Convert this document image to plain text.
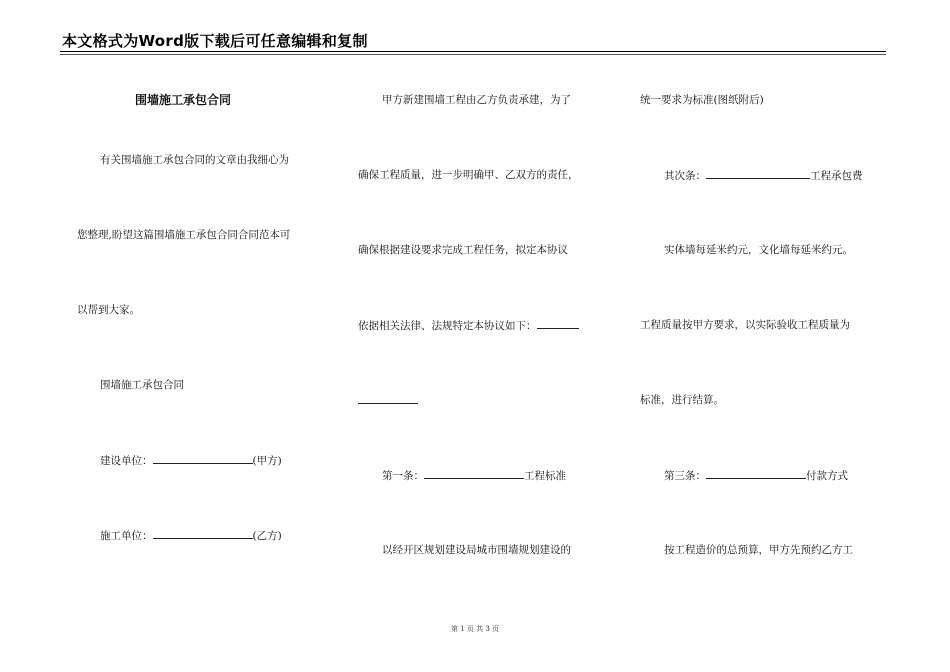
本文格式为Word版下载后可任意编辑和复制
围墙施工承包合同
有关围墙施工承包合同的文章由我细心为
您整理,盼望这篇围墙施工承包合同合同范本可
以帮到大家。
围墙施工承包合同
建设单位：	(甲方)
施工单位：	(乙方)
甲方新建围墙工程由乙方负责承建，为了
确保工程质量，进一步明确甲、乙双方的责任，
确保根据建设要求完成工程任务，拟定本协议
依据相关法律、法规特定本协议如下：
第一条：	工程标准
以经开区规划建设局城市围墙规划建设的
统一要求为标准(图纸附后)
其次条：	工程承包费
实体墙每延米约元，文化墙每延米约元。
工程质量按甲方要求，以实际验收工程质量为
标准，进行结算。
第三条：	付款方式
按工程造价的总预算，甲方先预约乙方工
第 1 页 共 3 页
